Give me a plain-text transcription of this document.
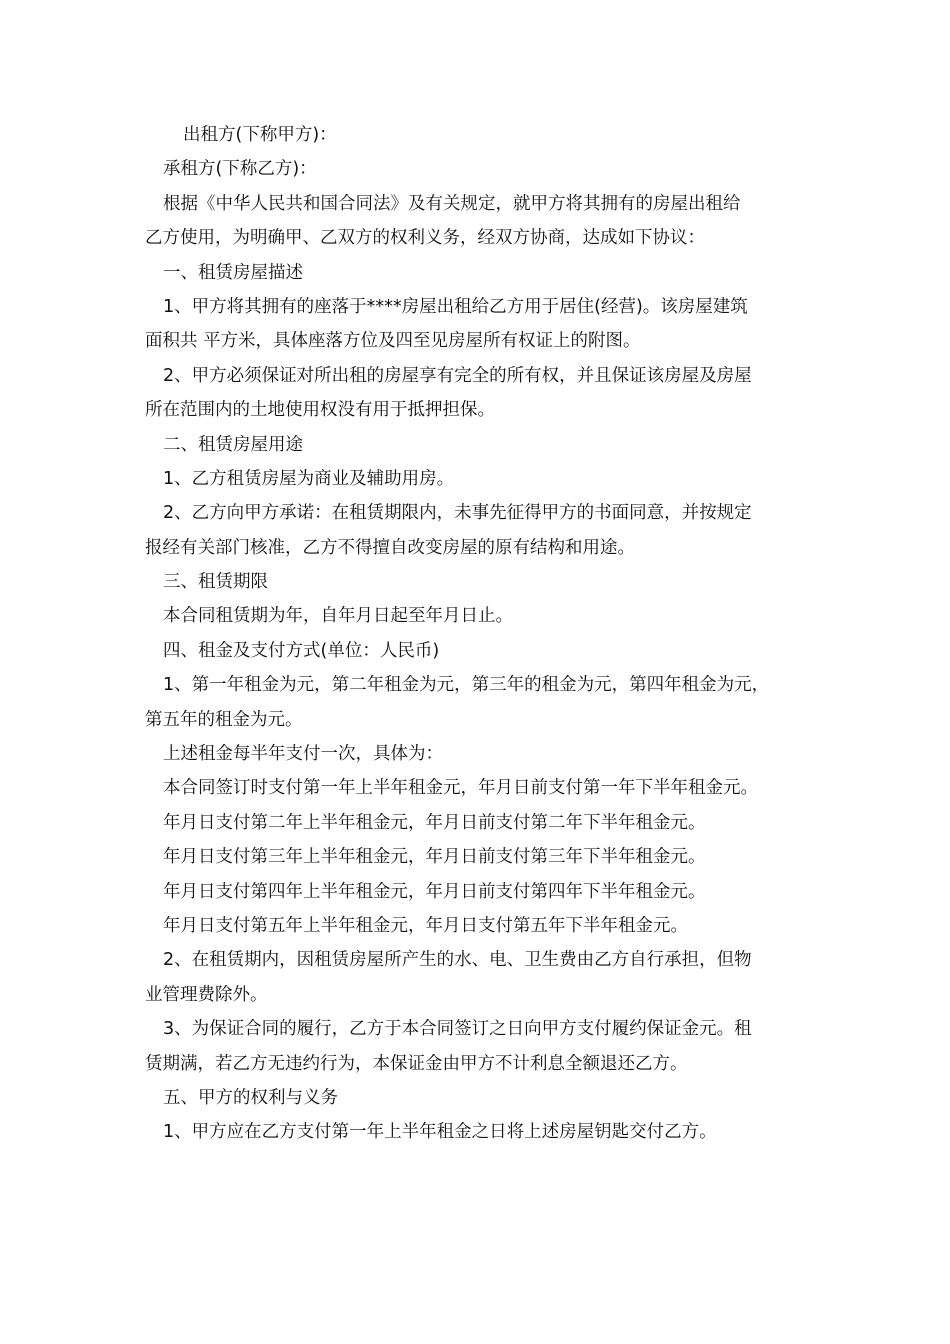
出租方(下称甲方)：
承租方(下称乙方)：
根据《中华人民共和国合同法》及有关规定，就甲方将其拥有的房屋出租给
乙方使用，为明确甲、乙双方的权利义务，经双方协商，达成如下协议：
一、租赁房屋描述
1、甲方将其拥有的座落于****房屋出租给乙方用于居住(经营)。该房屋建筑
面积共 平方米，具体座落方位及四至见房屋所有权证上的附图。
2、甲方必须保证对所出租的房屋享有完全的所有权，并且保证该房屋及房屋
所在范围内的土地使用权没有用于抵押担保。
二、租赁房屋用途
1、乙方租赁房屋为商业及辅助用房。
2、乙方向甲方承诺：在租赁期限内，未事先征得甲方的书面同意，并按规定
报经有关部门核准，乙方不得擅自改变房屋的原有结构和用途。
三、租赁期限
本合同租赁期为年，自年月日起至年月日止。
四、租金及支付方式(单位：人民币)
1、第一年租金为元，第二年租金为元，第三年的租金为元，第四年租金为元，
第五年的租金为元。
上述租金每半年支付一次，具体为：
本合同签订时支付第一年上半年租金元，年月日前支付第一年下半年租金元。
年月日支付第二年上半年租金元，年月日前支付第二年下半年租金元。
年月日支付第三年上半年租金元，年月日前支付第三年下半年租金元。
年月日支付第四年上半年租金元，年月日前支付第四年下半年租金元。
年月日支付第五年上半年租金元，年月日支付第五年下半年租金元。
2、在租赁期内，因租赁房屋所产生的水、电、卫生费由乙方自行承担，但物
业管理费除外。
3、为保证合同的履行，乙方于本合同签订之日向甲方支付履约保证金元。租
赁期满，若乙方无违约行为，本保证金由甲方不计利息全额退还乙方。
五、甲方的权利与义务
1、甲方应在乙方支付第一年上半年租金之日将上述房屋钥匙交付乙方。
